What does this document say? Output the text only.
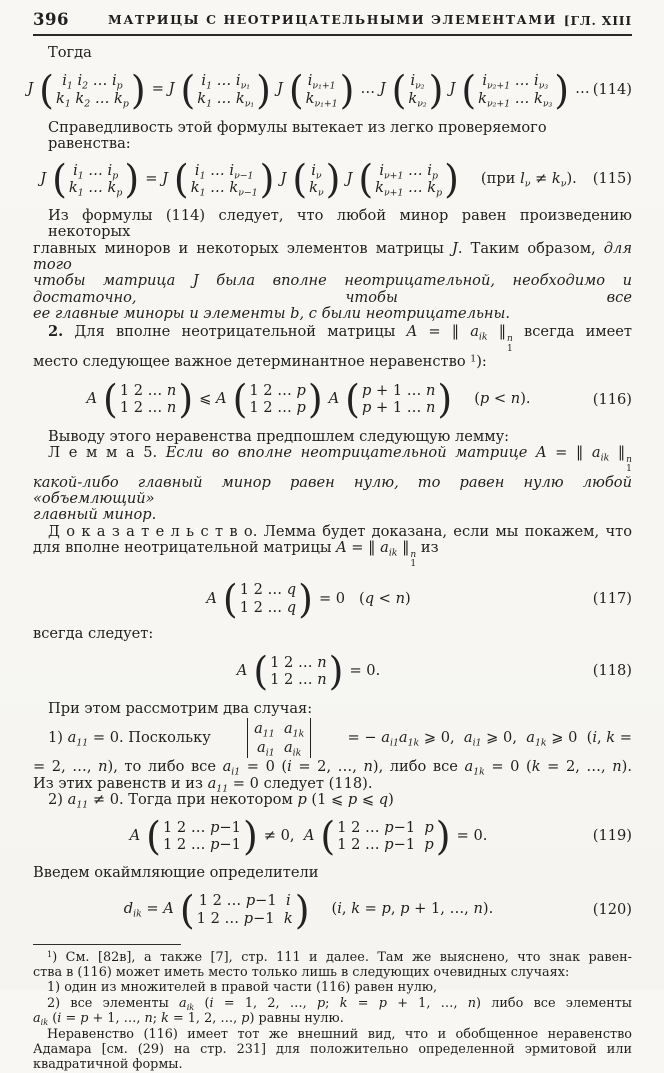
396	МАТРИЦЫ С НЕОТРИЦАТЕЛЬНЫМИ ЭЛЕМЕНТАМИ [ГЛ. XIII
Тогда
J ( $i_1$ $i_2$ … $i_p$
$k_1$ $k_2$ … $k_p$
)
= J ( $i_1$ … $i_{\nu_1}$
$k_1$ … $k_{\nu_1}$
)
J ( $i_{\nu_1+1}$
$k_{\nu_1+1}$
)
… J ( $i_{\nu_2}$
$k_{\nu_2}$
)
J ( $i_{\nu_2+1}$ … $i_{\nu_3}$
$k_{\nu_2+1}$ … $k_{\nu_3}$
)
… (114)
Справедливость этой формулы вытекает из легко проверяемого равенства:
J ( $i_1$ … $i_p$
$k_1$ … $k_p$
)
= J ( $i_1$ … $i_{\nu-1}$
$k_1$ … $k_{\nu-1}$
)
J ( $i_\nu$
$k_\nu$
)
J ( $i_{\nu+1}$ … $i_p$
$k_{\nu+1}$ … $k_p$
)
(при $l_\nu \ne k_\nu$). (115)
Из формулы (114) следует, что любой минор равен произведению некоторых
главных миноров и некоторых элементов матрицы J. Таким образом, для того
чтобы матрица J была вполне неотрицательной, необходимо и достаточно, чтобы все
ее главные миноры и элементы b, c были неотрицательны.
2. Для вполне неотрицательной матрицы A = ‖ $a_{ik}$ ‖ n
1
всегда имеет
место следующее важное детерминантное неравенство $^1$):
A ( 1 2 … n
1 2 … n
)
⩽ A ( 1 2 … p
1 2 … p
)
A ( p + 1 … n
p + 1 … n
)
(p < n).	(116)
Выводу этого неравенства предпошлем следующую лемму:
Л е м м а 5. Если во вполне неотрицательной матрице A = ‖ $a_{ik}$ ‖ n
1
какой-либо главный минор равен нулю, то равен нулю любой «объемлющий»
главный минор.
Д о к а з а т е л ь с т в о. Лемма будет доказана, если мы покажем, что
для вполне неотрицательной матрицы A = ‖ $a_{ik}$ ‖ n
1
из
A ( 1 2 … q
1 2 … q
)
= 0   (q < n)	(117)
всегда следует:
A ( 1 2 … n
1 2 … n
)
= 0.	(118)
При этом рассмотрим два случая:
1) $a_{11} = 0$. Поскольку
$a_{11}$  $a_{1k}$
$a_{i1}$  $a_{ik}$
= − $a_{i1}a_{1k}$ ⩾ 0,  $a_{i1}$ ⩾ 0,  $a_{1k}$ ⩾ 0  (i, k =
= 2, …, n), то либо все $a_{i1} = 0$ (i = 2, …, n), либо все $a_{1k} = 0$ (k = 2, …, n).
Из этих равенств и из $a_{11} = 0$ следует (118).
2) $a_{11} \ne 0$. Тогда при некотором p (1 ⩽ p ⩽ q)
A ( 1 2 … p−1
1 2 … p−1
)
≠ 0,  A ( 1 2 … p−1  p
1 2 … p−1  p
)
= 0.	(119)
Введем окаймляющие определители
$d_{ik} = A$ ( 1 2 … p−1  i
1 2 … p−1  k
)
(i, k = p, p + 1, …, n).	(120)
$^1$) См. [82в], а также [7], стр. 111 и далее. Там же выяснено, что знак равен-
ства в (116) может иметь место только лишь в следующих очевидных случаях:
1) один из множителей в правой части (116) равен нулю,
2) все элементы $a_{ik}$ (i = 1, 2, …, p; k = p + 1, …, n) либо все элементы
$a_{ik}$ (i = p + 1, …, n; k = 1, 2, …, p) равны нулю.
Неравенство (116) имеет тот же внешний вид, что и обобщенное неравенство
Адамара [см. (29) на стр. 231] для положительно определенной эрмитовой или
квадратичной формы.
